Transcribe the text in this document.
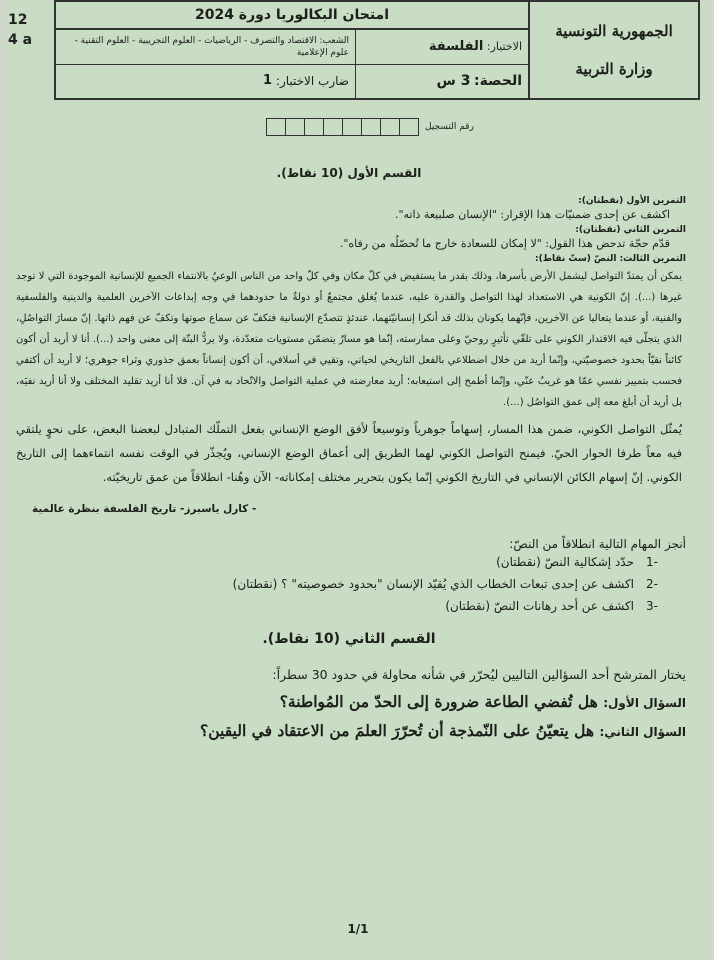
12
4 a	الجمهورية التونسية
وزارة التربية
امتحان البكالوريا دورة 2024
الاختبار:

الفلسفة
الشعب: الاقتصاد والتصرف - الرياضيات - العلوم التجريبية - العلوم التقنية - علوم الإعلامية
الحصة:

3 س
ضارب الاختبار:

1
رقم التسجيل
القسم الأول (10 نقاط).
التمرين الأول (نقطتان):
اكشف عن إحدى ضمنيّات هذا الإقرار: "الإنسان صلبيعة ذاته".
التمرين الثاني (نقطتان):
قدّم حجّة تدحض هذا القول: "لا إمكان للسعادة خارج ما تُحصّلُه من رفاه".
التمرين الثالث: النصّ (ستّ نقاط):

يمكن أن يمتدّ التواصل ليشمل الأرض بأسرها، وذلك بقدر ما يستفيض في كلّ مكان وفي كلّ واحد من الناس الوعيُ بالانتماء الجميع للإنسانية الموجودة التي لا توجد غيرها (...). إنّ الكونية هي الاستعداد لهذا التواصل والقدرة عليه، عندما يُغلق مجتمعٌ أو دولةٌ ما حدودهما في وجه إبداعات الآخرين العلمية والدينية والفلسفية والفنية، أو عندما يتعاليا عن الآخرين، فإنّهما يكونان بذلك قد أنكرا إنسانيّتهما، عندئذٍ تتصدّع الإنسانية فتكفّ عن سماع صوتها وتكفّ عن فهم ذاتها. إنّ مسارَ التواصُلِ، الذي يتجلّى فيه الاقتدار الكوني على تلقّي تأثيرٍ روحيّ وعلى ممارسته، إنّما هو مسارٌ يتضمّن مستويات متعدّدة، ولا يردُّ البتّة إلى معنى واحد (...). أنا لا أريد أن أكون كائناً نقيّاً بحدود خصوصيّتي، وإنّما أريد من خلال اضطلاعي بالفعل التاريخي لحياتي، وتقيي في أسلافي، أن أكون إنساناً بعمق جذوري وثراء جوهري؛ لا أريد أن أكتفي فحسب بتمييز نفسي عمّا هو غريبٌ عنّي، وإنّما أطمح إلى استيعابه؛ أريد معارضته في عملية التواصل والاتّحاد به في آن. فلا أنا أريد تقليد المختلف ولا أنا أريد نفيَه، بل أريد أن أبلغ معه إلى عمق التواصُل (...).

يُمثّل التواصل الكوني، ضمن هذا المسار، إسهاماً جوهرياً وتوسيعاً لأفق الوضع الإنساني بفعل التملّك المتبادل لبعضنا البعض، على نحوٍ يلتقي فيه معاً طرفا الحوار الحيّ. فيمنح التواصل الكوني لهما الطريق إلى أعماق الوضع الإنساني، ويُجذّر في الوقت نفسه انتماءهما إلى التاريخ الكوني. إنّ إسهام الكائن الإنساني في التاريخ الكوني إنّما يكون بتحرير مختلف إمكاناته- الآن وهُنا- انطلاقاً من عمق تاريخيّته.

- كارل ياسبرز- تاريخ الفلسفة بنظرة عالمية
أنجز المهام التالية انطلاقاً من النصّ:
-1
حدّد إشكالية النصّ (نقطتان)
-2
اكشف عن إحدى تبعات الخطاب الذي يُقيّد الإنسان "بحدود خصوصيته" ؟ (نقطتان)
-3
اكشف عن أحد رهانات النصّ (نقطتان)
القسم الثاني (10 نقاط).
يختار المترشح أحد السؤالين التاليين ليُحرّر في شأنه محاولة في حدود 30 سطراً:
السؤال الأول: هل تُفضي الطاعة ضرورة إلى الحدّ من المُواطنة؟
السؤال الثاني: هل يتعيّنُ على النّمذجة أن تُحرّرَ العلمَ من الاعتقاد في اليقين؟
1/1
